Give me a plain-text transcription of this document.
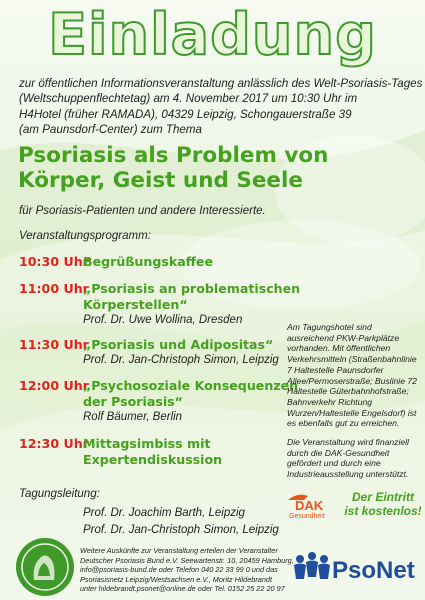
Einladung
zur öffentlichen Informationsveranstaltung anlässlich des Welt-Psoriasis-Tages
(Weltschuppenflechtetag) am 4. November 2017 um 10:30 Uhr im
H4Hotel (früher RAMADA), 04329 Leipzig, Schongauerstraße 39
(am Paunsdorf-Center) zum Thema
Psoriasis als Problem von
Körper, Geist und Seele
für Psoriasis-Patienten und andere Interessierte.
Veranstaltungsprogramm:
10:30 Uhr
Begrüßungskaffee
11:00 Uhr
„Psoriasis an problematischen
Körperstellen“
Prof. Dr. Uwe Wollina, Dresden
11:30 Uhr
„Psoriasis und Adipositas“
Prof. Dr. Jan-Christoph Simon, Leipzig
12:00 Uhr
„Psychosoziale Konsequenzen
der Psoriasis“
Rolf Bäumer, Berlin
12:30 Uhr
Mittagsimbiss mit
Expertendiskussion
Am Tagungshotel sind ausreichend PKW-Parkplätze vorhanden. Mit öffentlichen Verkehrsmitteln (Straßenbahnlinie 7 Haltestelle Paunsdorfer Allee/Permoserstraße; Buslinie 72 Haltestelle Güterbahnhofstraße; Bahnverkehr Richtung Wurzen/Haltestelle Engelsdorf) ist es ebenfalls gut zu erreichen.
Die Veranstaltung wird finanziell durch die DAK-Gesundheit gefördert und durch eine Industrieausstellung unterstützt.
DAK
Gesundheit
Der Eintritt
ist kostenlos!
Tagungsleitung:
Prof. Dr. Joachim Barth, Leipzig
Prof. Dr. Jan-Christoph Simon, Leipzig
Weitere Auskünfte zur Veranstaltung erteilen der Veranstalter
Deutscher Psoriasis Bund e.V. Seewartenstr. 10, 20459 Hamburg,
info@psoriasis-bund.de oder Telefon 040 22 33 99 0 und das
Psoriasisnetz Leipzig/Westsachsen e.V., Moritz Hildebrandt
unter hildebrandt.psonet@online.de oder Tel. 0152 25 22 20 97
PsoNet
